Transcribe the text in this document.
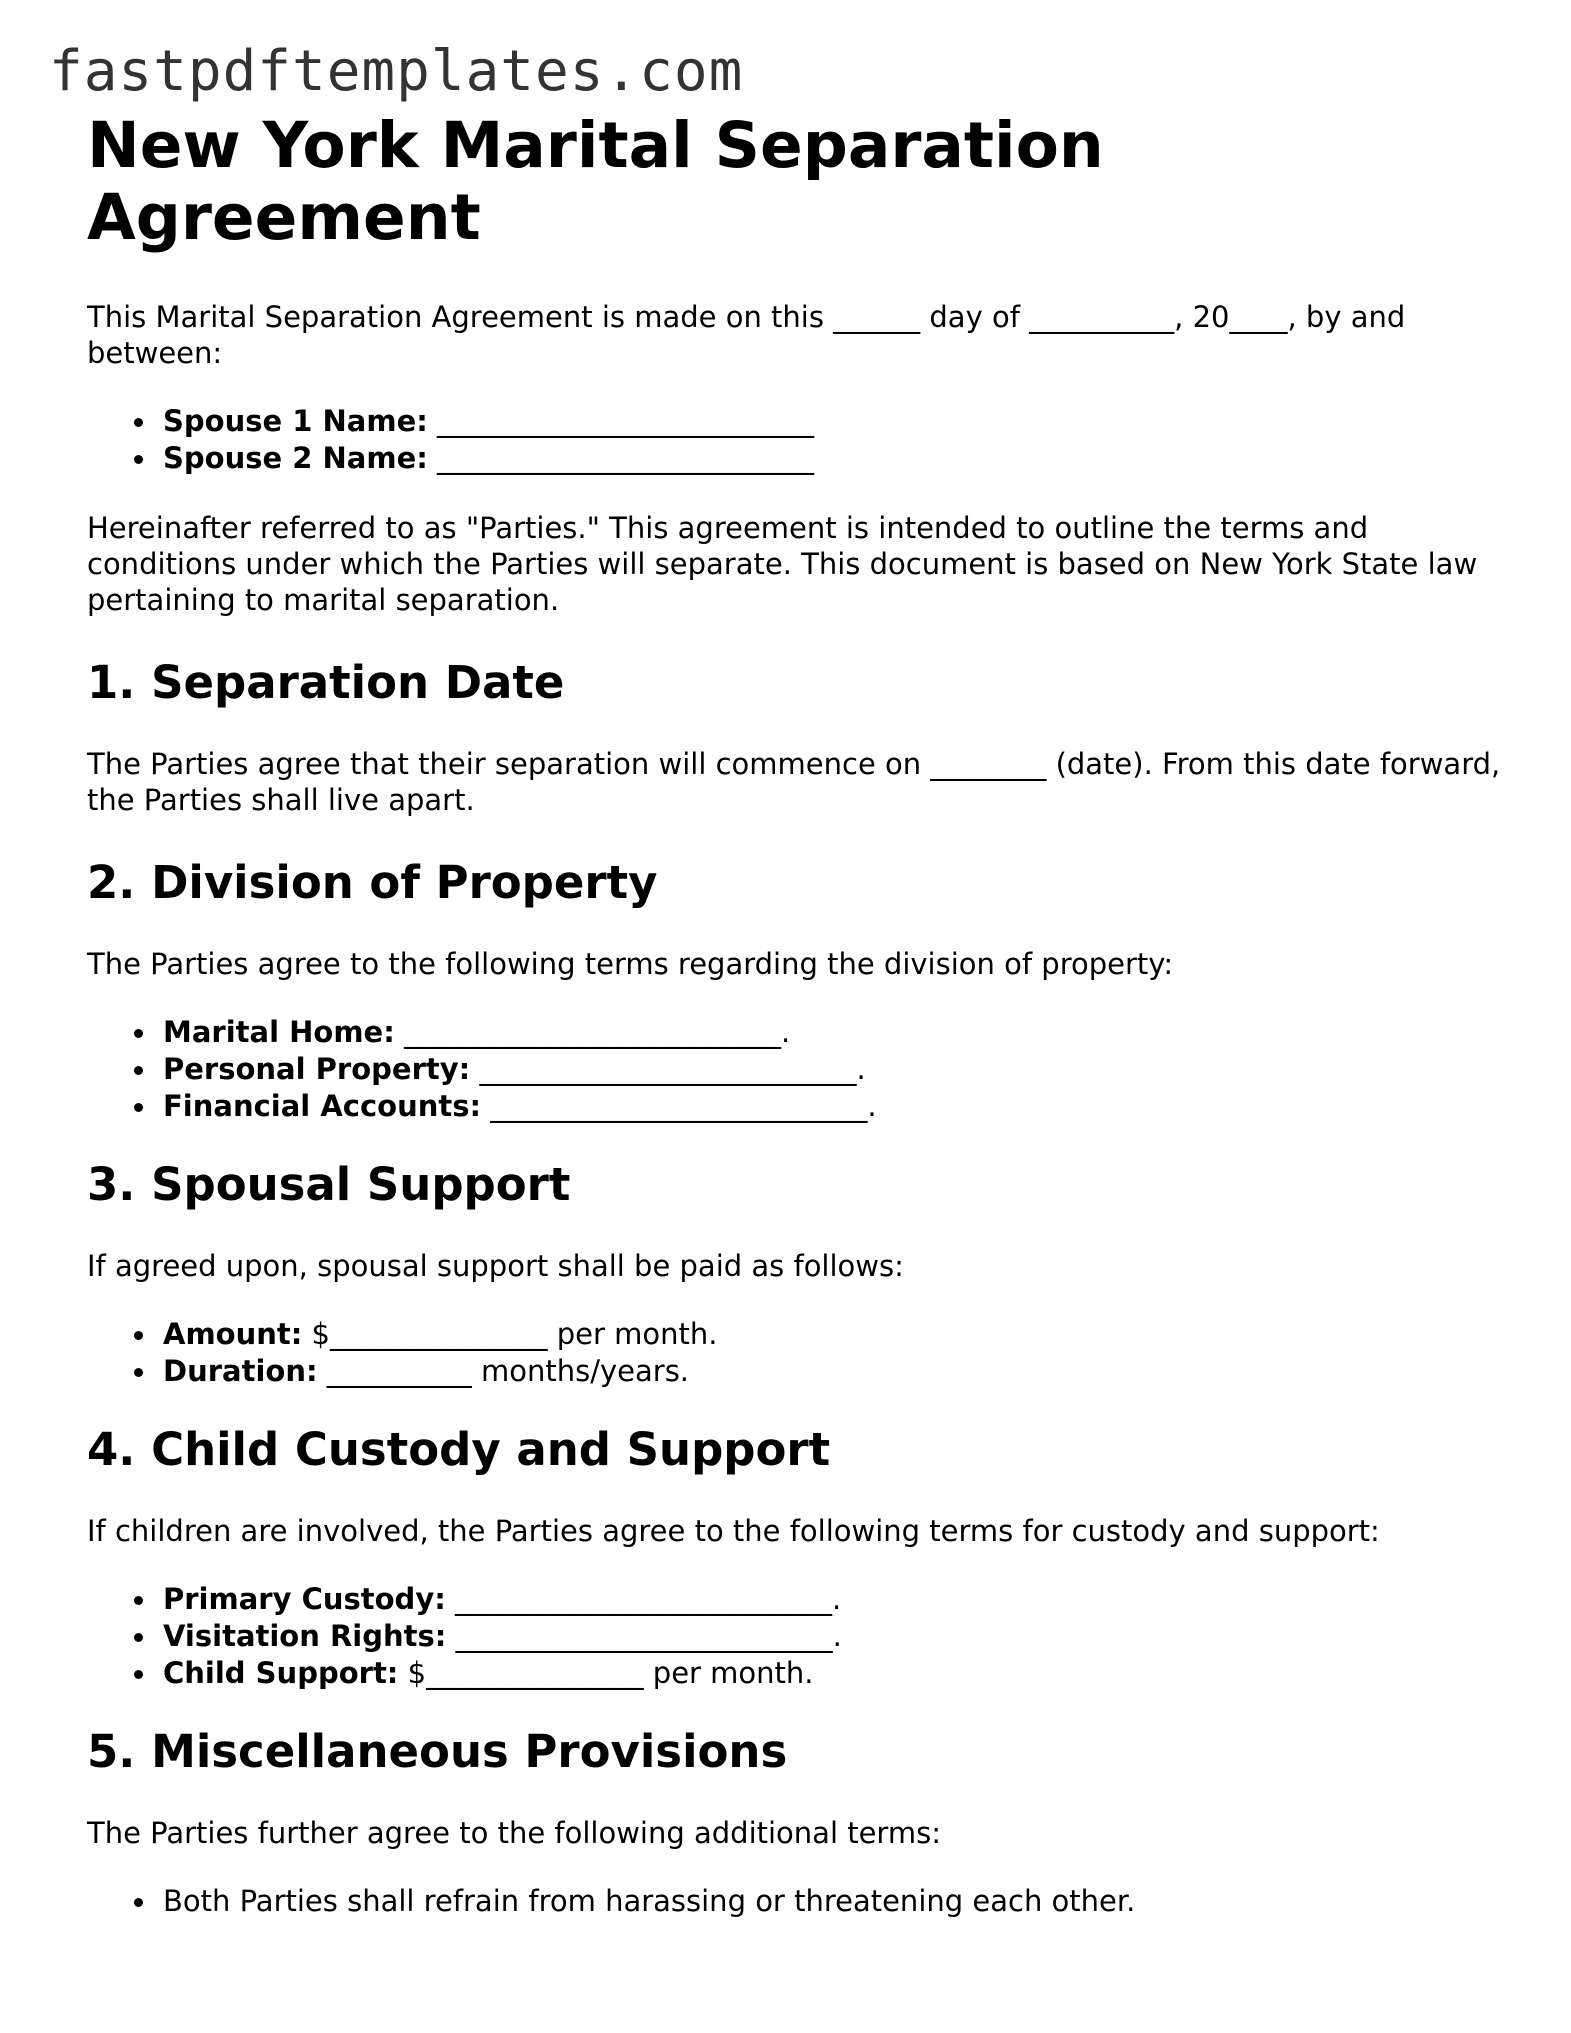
fastpdftemplates.com
New York Marital Separation Agreement

This Marital Separation Agreement is made on this ______ day of __________, 20____, by and between:

Spouse 1 Name: __________________________
Spouse 2 Name: __________________________

Hereinafter referred to as "Parties." This agreement is intended to outline the terms and conditions under which the Parties will separate. This document is based on New York State law pertaining to marital separation.

1. Separation Date

The Parties agree that their separation will commence on ________ (date). From this date forward, the Parties shall live apart.

2. Division of Property

The Parties agree to the following terms regarding the division of property:

Marital Home: __________________________.
Personal Property: __________________________.
Financial Accounts: __________________________.
3. Spousal Support

If agreed upon, spousal support shall be paid as follows:

Amount: $_______________ per month.
Duration: __________ months/years.
4. Child Custody and Support

If children are involved, the Parties agree to the following terms for custody and support:

Primary Custody: __________________________.
Visitation Rights: __________________________.
Child Support: $_______________ per month.
5. Miscellaneous Provisions

The Parties further agree to the following additional terms:

Both Parties shall refrain from harassing or threatening each other.
